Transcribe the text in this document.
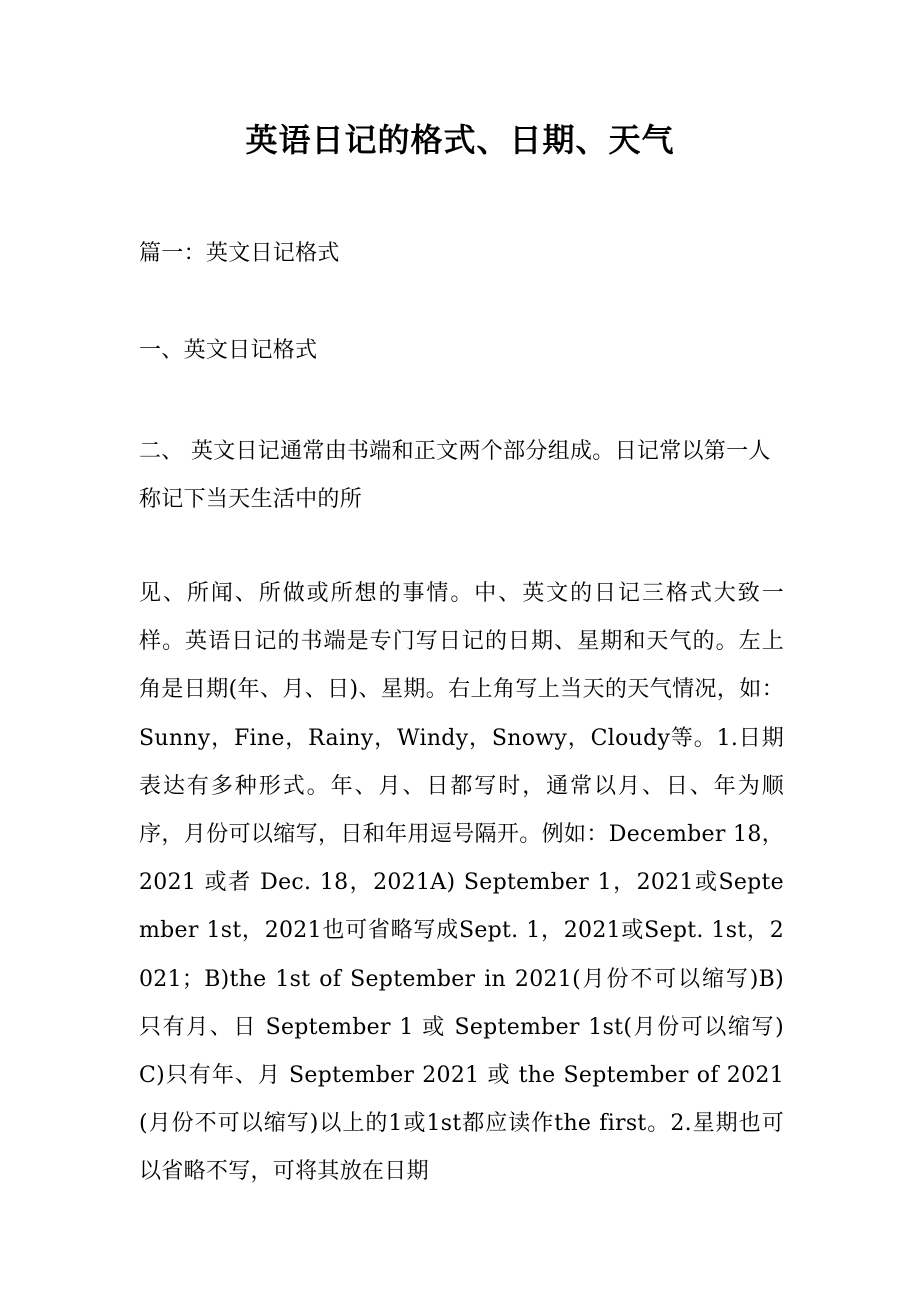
英语日记的格式、日期、天气

篇一：英文日记格式

一、英文日记格式

二、 英文日记通常由书端和正文两个部分组成。日记常以第一人称记下当天生活中的所

见、所闻、所做或所想的事情。中、英文的日记三格式大致一样。英语日记的书端是专门写日记的日期、星期和天气的。左上角是日期(年、月、日)、星期。右上角写上当天的天气情况，如：Sunny，Fine，Rainy，Windy，Snowy，Cloudy等。1.日期表达有多种形式。年、月、日都写时，通常以月、日、年为顺序，月份可以缩写，日和年用逗号隔开。例如：December 18，2021 或者 Dec. 18，2021A) September 1，2021或September 1st，2021也可省略写成Sept. 1，2021或Sept. 1st，2021；B)the 1st of September in 2021(月份不可以缩写)B)只有月、日 September 1 或 September 1st(月份可以缩写)C)只有年、月 September 2021 或 the September of 2021(月份不可以缩写)以上的1或1st都应读作the first。2.星期也可以省略不写，可将其放在日期
